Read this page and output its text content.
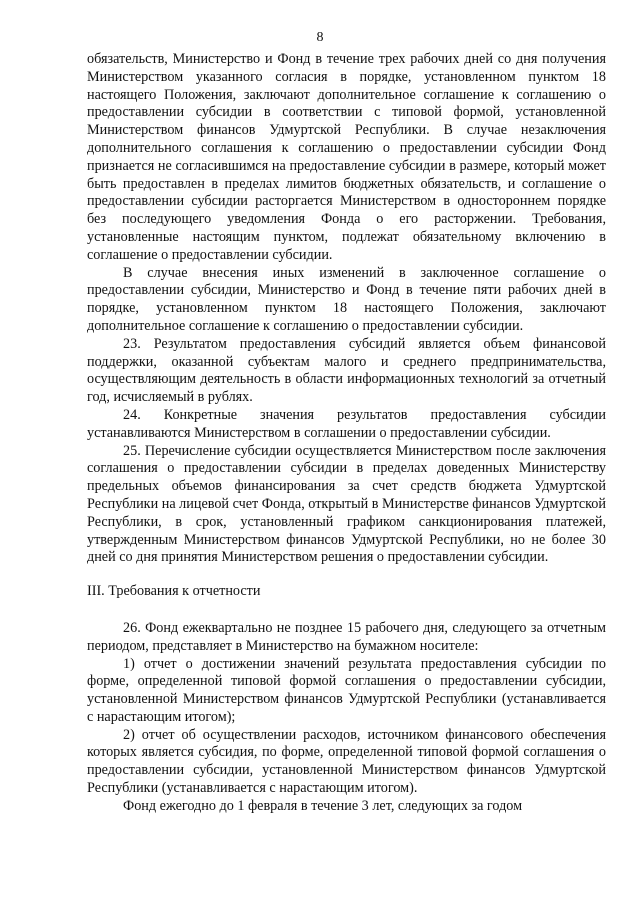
8

обязательств, Министерство и Фонд в течение трех рабочих дней со дня получения Министерством указанного согласия в порядке, установленном пунктом 18 настоящего Положения, заключают дополнительное соглашение к соглашению о предоставлении субсидии в соответствии с типовой формой, установленной Министерством финансов Удмуртской Республики. В случае незаключения дополнительного соглашения к соглашению о предоставлении субсидии Фонд признается не согласившимся на предоставление субсидии в размере, который может быть предоставлен в пределах лимитов бюджетных обязательств, и соглашение о предоставлении субсидии расторгается Министерством в одностороннем порядке без последующего уведомления Фонда о его расторжении. Требования, установленные настоящим пунктом, подлежат обязательному включению в соглашение о предоставлении субсидии.

В случае внесения иных изменений в заключенное соглашение о предоставлении субсидии, Министерство и Фонд в течение пяти рабочих дней в порядке, установленном пунктом 18 настоящего Положения, заключают дополнительное соглашение к соглашению о предоставлении субсидии.

23. Результатом предоставления субсидий является объем финансовой поддержки, оказанной субъектам малого и среднего предпринимательства, осуществляющим деятельность в области информационных технологий за отчетный год, исчисляемый в рублях.

24. Конкретные значения результатов предоставления субсидии устанавливаются Министерством в соглашении о предоставлении субсидии.

25. Перечисление субсидии осуществляется Министерством после заключения соглашения о предоставлении субсидии в пределах доведенных Министерству предельных объемов финансирования за счет средств бюджета Удмуртской Республики на лицевой счет Фонда, открытый в Министерстве финансов Удмуртской Республики, в срок, установленный графиком санкционирования платежей, утвержденным Министерством финансов Удмуртской Республики, но не более 30 дней со дня принятия Министерством решения о предоставлении субсидии.

III. Требования к отчетности

26. Фонд ежеквартально не позднее 15 рабочего дня, следующего за отчетным периодом, представляет в Министерство на бумажном носителе:

1) отчет о достижении значений результата предоставления субсидии по форме, определенной типовой формой соглашения о предоставлении субсидии, установленной Министерством финансов Удмуртской Республики (устанавливается с нарастающим итогом);

2) отчет об осуществлении расходов, источником финансового обеспечения которых является субсидия, по форме, определенной типовой формой соглашения о предоставлении субсидии, установленной Министерством финансов Удмуртской Республики (устанавливается с нарастающим итогом).

Фонд ежегодно до 1 февраля в течение 3 лет, следующих за годом
